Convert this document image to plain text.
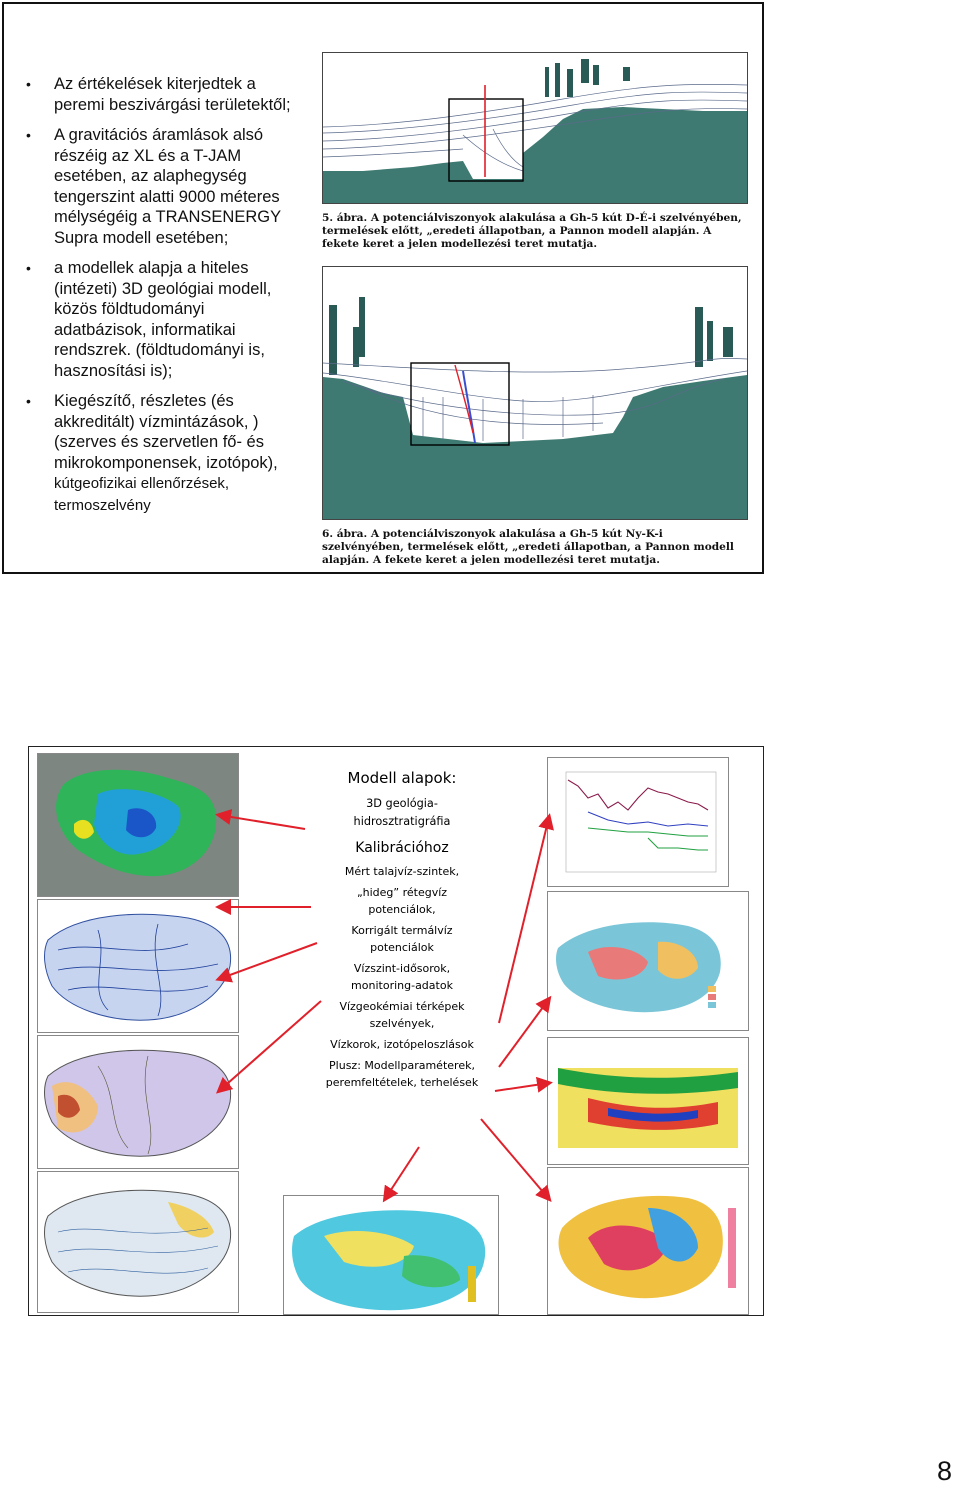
• Az értékelések kiterjedtek a peremi beszivárgási területektől;
• A gravitációs áramlások alsó részéig az XL és a T-JAM esetében, az alaphegység tengerszint alatti 9000 méteres mélységéig a TRANSENERGY Supra modell esetében;
• a modellek alapja a hiteles (intézeti) 3D geológiai modell, közös földtudományi adatbázisok, informatikai rendszrek. (földtudományi is, hasznosítási is);
• Kiegészítő, részletes (és akkreditált) vízmintázások, )(szerves és szervetlen fő- és mikrokomponensek, izotópok), kútgeofizikai ellenőrzések, termoszelvény
5. ábra. A potenciálviszonyok alakulása a Gh-5 kút D-É-i szelvényében, termelések előtt, „eredeti állapotban, a Pannon modell alapján. A fekete keret a jelen modellezési teret mutatja.
6. ábra. A potenciálviszonyok alakulása a Gh-5 kút Ny-K-i szelvényében, termelések előtt, „eredeti állapotban, a Pannon modell alapján. A fekete keret a jelen modellezési teret mutatja.
Modell alapok:
3D geológia-hidrosztratigráfia
Kalibrációhoz
Mért talajvíz-szintek,
„hideg” rétegvíz potenciálok,
Korrigált termálvíz potenciálok
Vízszint-idősorok, monitoring-adatok
Vízgeokémiai térképek szelvények,
Vízkorok, izotópeloszlások
Plusz: Modellparaméterek, peremfeltételek, terhelések
8
